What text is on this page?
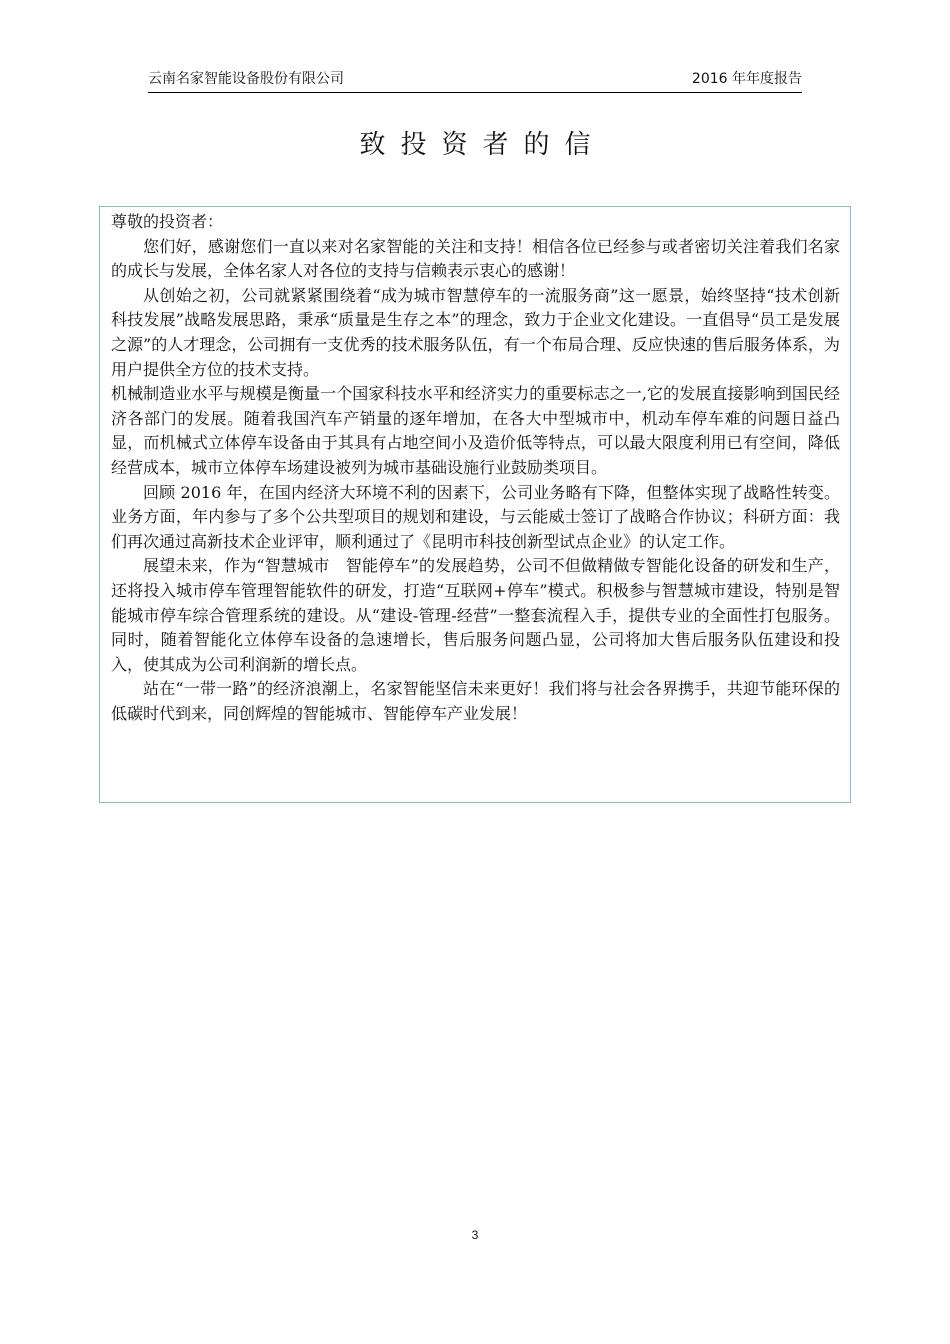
云南名家智能设备股份有限公司	2016 年年度报告
致投资者的信

尊敬的投资者：

您们好，感谢您们一直以来对名家智能的关注和支持！相信各位已经参与或者密切关注着我们名家的成长与发展，全体名家人对各位的支持与信赖表示衷心的感谢！

从创始之初，公司就紧紧围绕着“成为城市智慧停车的一流服务商”这一愿景，始终坚持“技术创新　科技发展”战略发展思路，秉承“质量是生存之本”的理念，致力于企业文化建设。一直倡导“员工是发展之源”的人才理念，公司拥有一支优秀的技术服务队伍，有一个布局合理、反应快速的售后服务体系，为用户提供全方位的技术支持。

机械制造业水平与规模是衡量一个国家科技水平和经济实力的重要标志之一,它的发展直接影响到国民经济各部门的发展。随着我国汽车产销量的逐年增加，在各大中型城市中，机动车停车难的问题日益凸显，而机械式立体停车设备由于其具有占地空间小及造价低等特点，可以最大限度利用已有空间，降低经营成本，城市立体停车场建设被列为城市基础设施行业鼓励类项目。

回顾 2016 年，在国内经济大环境不利的因素下，公司业务略有下降，但整体实现了战略性转变。业务方面，年内参与了多个公共型项目的规划和建设，与云能威士签订了战略合作协议；科研方面：我们再次通过高新技术企业评审，顺利通过了《昆明市科技创新型试点企业》的认定工作。

展望未来，作为“智慧城市　智能停车”的发展趋势，公司不但做精做专智能化设备的研发和生产，还将投入城市停车管理智能软件的研发，打造“互联网+停车”模式。积极参与智慧城市建设，特别是智能城市停车综合管理系统的建设。从“建设-管理-经营”一整套流程入手，提供专业的全面性打包服务。同时，随着智能化立体停车设备的急速增长，售后服务问题凸显，公司将加大售后服务队伍建设和投入，使其成为公司利润新的增长点。

站在“一带一路”的经济浪潮上，名家智能坚信未来更好！我们将与社会各界携手，共迎节能环保的低碳时代到来，同创辉煌的智能城市、智能停车产业发展！

3
